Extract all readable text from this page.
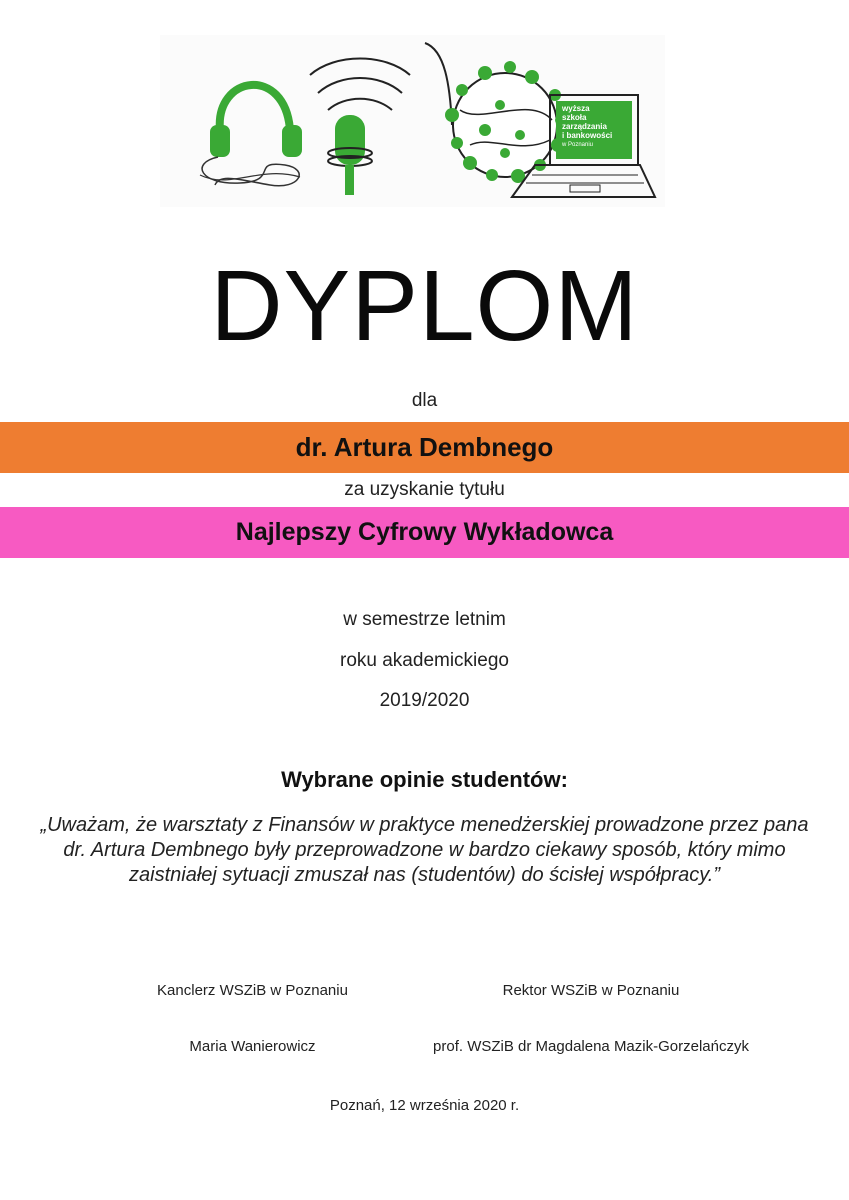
wyższa
szkoła
zarządzania
i bankowości
w Poznaniu
DYPLOM
dla
dr. Artura Dembnego
za uzyskanie tytułu
Najlepszy Cyfrowy Wykładowca
w semestrze letnim
roku akademickiego
2019/2020
Wybrane opinie studentów:
„Uważam, że warsztaty z Finansów w praktyce menedżerskiej prowadzone przez pana
dr. Artura Dembnego były przeprowadzone w bardzo ciekawy sposób, który mimo
zaistniałej sytuacji zmuszał nas (studentów) do ścisłej współpracy.”
Kanclerz WSZiB w Poznaniu	Rektor WSZiB w Poznaniu
Maria Wanierowicz	prof. WSZiB dr Magdalena Mazik-Gorzelańczyk
Poznań, 12 września 2020 r.
